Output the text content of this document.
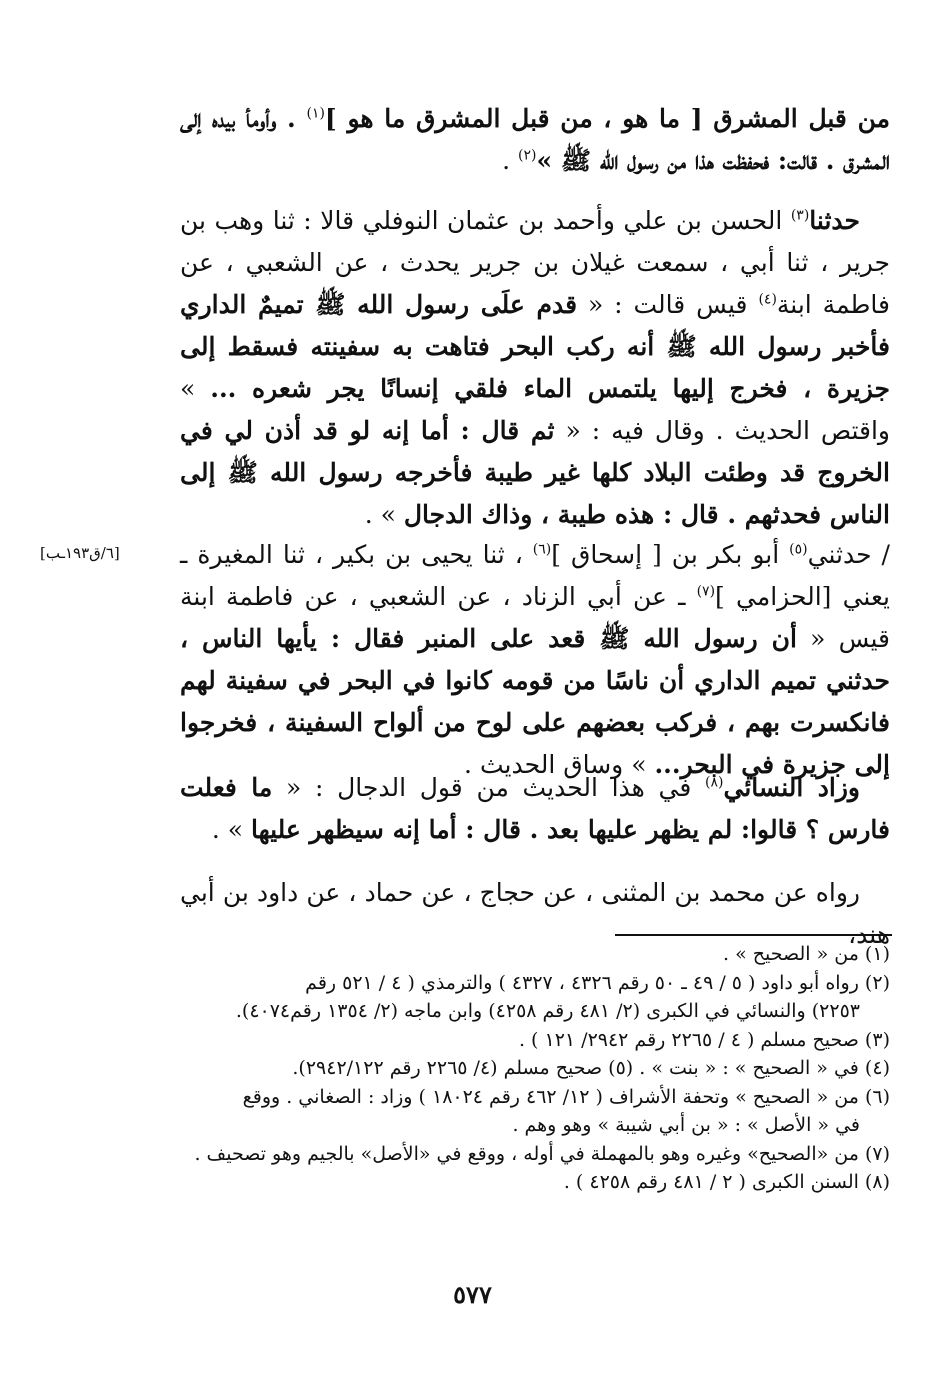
[٦/ق١٩٣ـب]

من قبل المشرق [ ما هو ، من قبل المشرق ما هو ]$^{(١)}$ . وأومأ بيده إلى المشرق . قالت: فحفظت هذا من رسول الله ﷺ »$^{(٢)}$ .

حدثنا$^{(٣)}$ الحسن بن علي وأحمد بن عثمان النوفلي قالا : ثنا وهب بن جرير ، ثنا أبي ، سمعت غيلان بن جرير يحدث ، عن الشعبي ، عن فاطمة ابنة$^{(٤)}$ قيس قالت : « قدم علَى رسول الله ﷺ تميمٌ الداري فأخبر رسول الله ﷺ أنه ركب البحر فتاهت به سفينته فسقط إلى جزيرة ، فخرج إليها يلتمس الماء فلقي إنسانًا يجر شعره ... » واقتص الحديث . وقال فيه : « ثم قال : أما إنه لو قد أذن لي في الخروج قد وطئت البلاد كلها غير طيبة فأخرجه رسول الله ﷺ إلى الناس فحدثهم . قال : هذه طيبة ، وذاك الدجال » .

/ حدثني$^{(٥)}$ أبو بكر بن [ إسحاق ]$^{(٦)}$ ، ثنا يحيى بن بكير ، ثنا المغيرة ـ يعني [الحزامي ]$^{(٧)}$ ـ عن أبي الزناد ، عن الشعبي ، عن فاطمة ابنة قيس « أن رسول الله ﷺ قعد على المنبر فقال : يأيها الناس ، حدثني تميم الداري أن ناسًا من قومه كانوا في البحر في سفينة لهم فانكسرت بهم ، فركب بعضهم على لوح من ألواح السفينة ، فخرجوا إلى جزيرة في البحر... » وساق الحديث .

وزاد النسائي$^{(٨)}$ في هذا الحديث من قول الدجال : « ما فعلت فارس ؟ قالوا: لم يظهر عليها بعد . قال : أما إنه سيظهر عليها » .

رواه عن محمد بن المثنى ، عن حجاج ، عن حماد ، عن داود بن أبي هند،

(١) من « الصحيح » .

(٢) رواه أبو داود ( ٥ / ٤٩ ـ ٥٠ رقم ٤٣٢٦ ، ٤٣٢٧ ) والترمذي ( ٤ / ٥٢١ رقم

٢٢٥٣) والنسائي في الكبرى (٢/ ٤٨١ رقم ٤٢٥٨) وابن ماجه (٢/ ١٣٥٤ رقم٤٠٧٤).

(٣) صحيح مسلم ( ٤ / ٢٢٦٥ رقم ٢٩٤٢/ ١٢١ ) .

(٤) في « الصحيح » : « بنت » . (٥) صحيح مسلم (٤/ ٢٢٦٥ رقم ٢٩٤٢/١٢٢).

(٦) من « الصحيح » وتحفة الأشراف ( ١٢/ ٤٦٢ رقم ١٨٠٢٤ ) وزاد : الصغاني . ووقع

في « الأصل » : « بن أبي شيبة » وهو وهم .

(٧) من «الصحيح» وغيره وهو بالمهملة في أوله ، ووقع في «الأصل» بالجيم وهو تصحيف .

(٨) السنن الكبرى ( ٢ / ٤٨١ رقم ٤٢٥٨ ) .

٥٧٧
